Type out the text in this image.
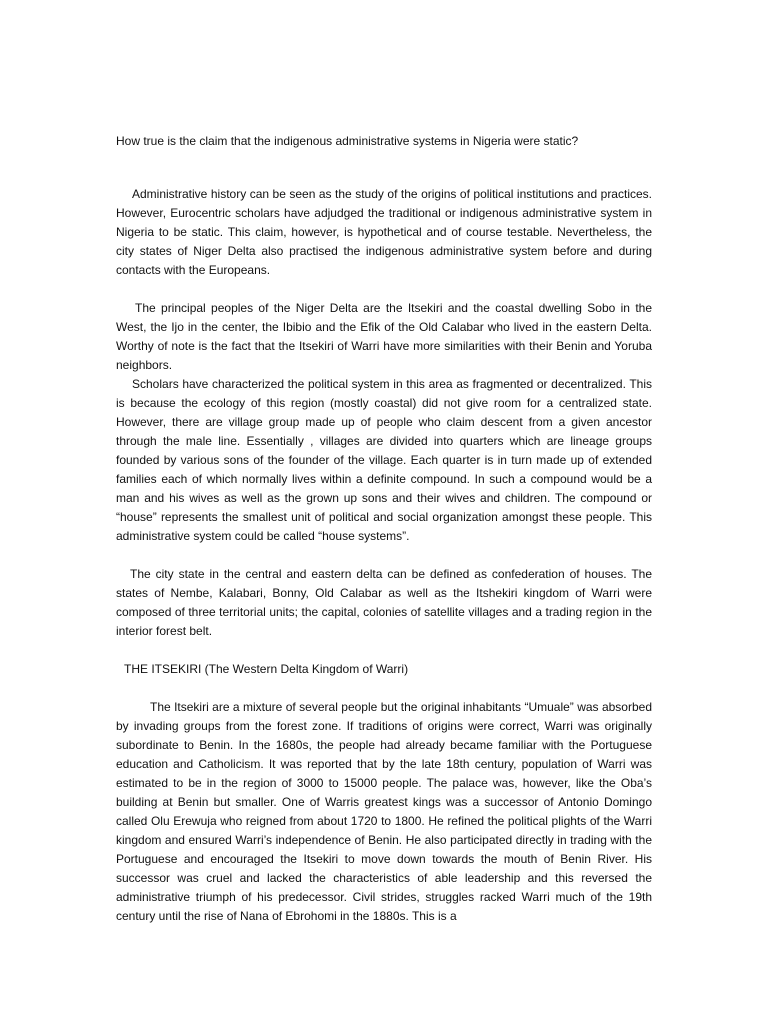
How true is the claim that the indigenous administrative systems in Nigeria were static?

Administrative history can be seen as the study of the origins of political institutions and practices. However, Eurocentric scholars have adjudged the traditional or indigenous administrative system in Nigeria to be static. This claim, however, is hypothetical and of course testable. Nevertheless, the city states of Niger Delta also practised the indigenous administrative system before and during contacts with the Europeans.

The principal peoples of the Niger Delta are the Itsekiri and the coastal dwelling Sobo in the West, the Ijo in the center, the Ibibio and the Efik of the Old Calabar who lived in the eastern Delta. Worthy of note is the fact that the Itsekiri of Warri have more similarities with their Benin and Yoruba neighbors.

Scholars have characterized the political system in this area as fragmented or decentralized. This is because the ecology of this region (mostly coastal) did not give room for a centralized state. However, there are village group made up of people who claim descent from a given ancestor through the male line. Essentially , villages are divided into quarters which are lineage groups founded by various sons of the founder of the village. Each quarter is in turn made up of extended families each of which normally lives within a definite compound. In such a compound would be a man and his wives as well as the grown up sons and their wives and children. The compound or “house” represents the smallest unit of political and social organization amongst these people. This administrative system could be called “house systems”.

The city state in the central and eastern delta can be defined as confederation of houses. The states of Nembe, Kalabari, Bonny, Old Calabar as well as the Itshekiri kingdom of Warri were composed of three territorial units; the capital, colonies of satellite villages and a trading region in the interior forest belt.

THE ITSEKIRI (The Western Delta Kingdom of Warri)

The Itsekiri are a mixture of several people but the original inhabitants “Umuale” was absorbed by invading groups from the forest zone. If traditions of origins were correct, Warri was originally subordinate to Benin. In the 1680s, the people had already became familiar with the Portuguese education and Catholicism. It was reported that by the late 18th century, population of Warri was estimated to be in the region of 3000 to 15000 people. The palace was, however, like the Oba’s building at Benin but smaller. One of Warris greatest kings was a successor of Antonio Domingo called Olu Erewuja who reigned from about 1720 to 1800. He refined the political plights of the Warri kingdom and ensured Warri’s independence of Benin. He also participated directly in trading with the Portuguese and encouraged the Itsekiri to move down towards the mouth of Benin River. His successor was cruel and lacked the characteristics of able leadership and this reversed the administrative triumph of his predecessor. Civil strides, struggles racked Warri much of the 19th century until the rise of Nana of Ebrohomi in the 1880s. This is a
